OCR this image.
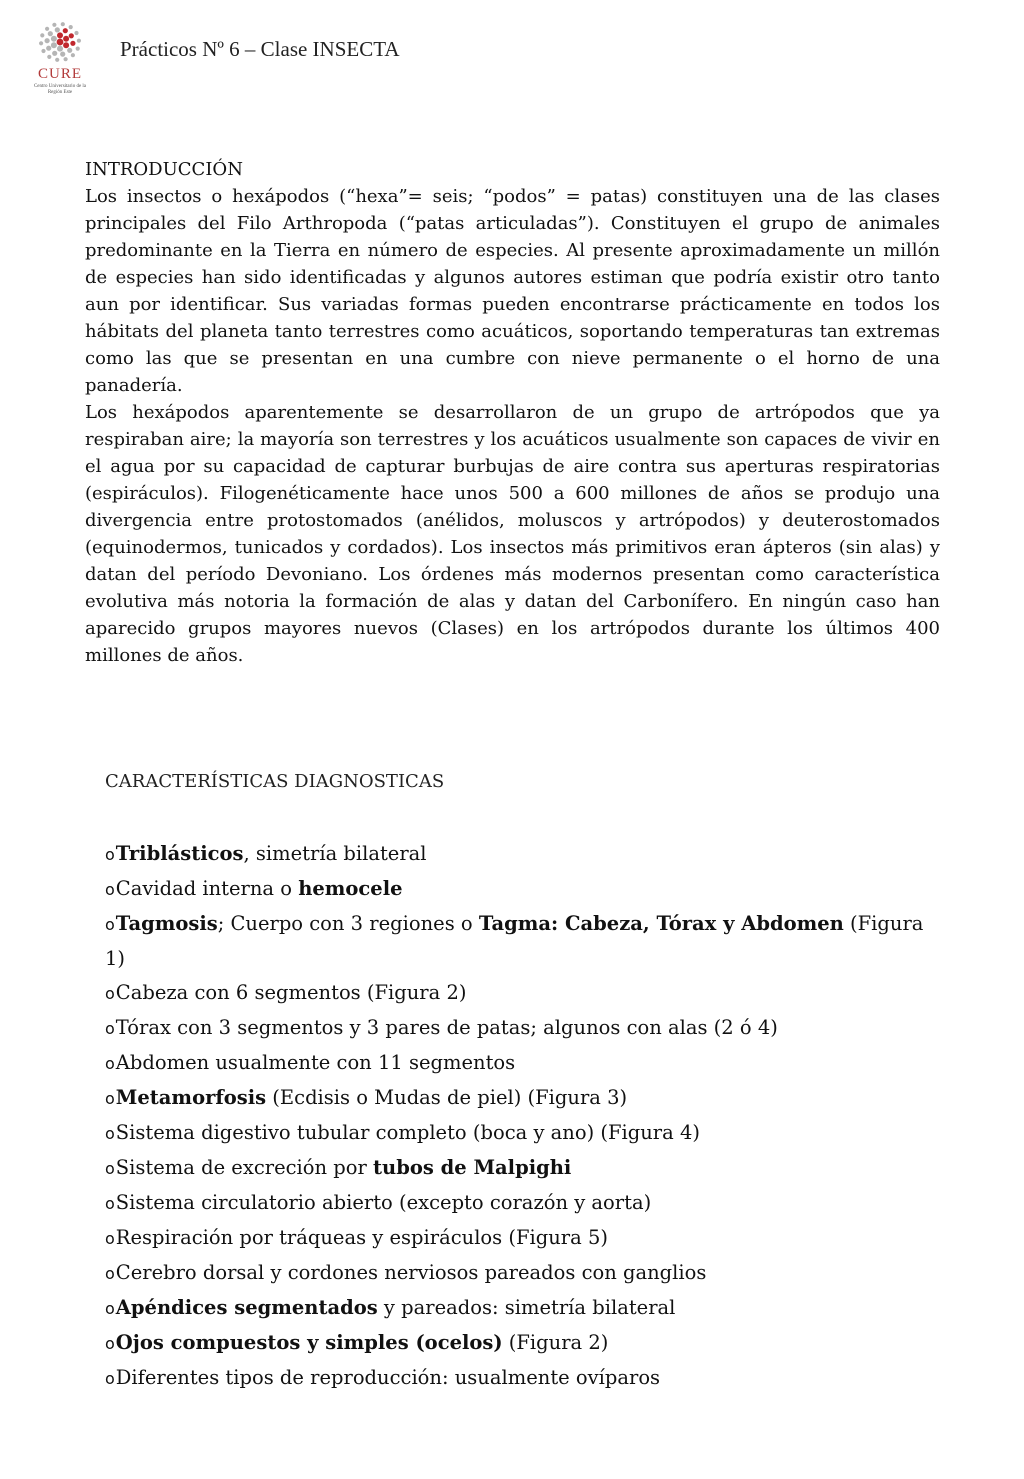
CURE
Centro Universitario de la Región Este
Prácticos Nº 6 – Clase INSECTA
INTRODUCCIÓN

Los insectos o hexápodos (“hexa”= seis; “podos” = patas) constituyen una de las clases principales del Filo Arthropoda (“patas articuladas”). Constituyen el grupo de animales predominante en la Tierra en número de especies. Al presente aproximadamente un millón de especies han sido identificadas y algunos autores estiman que podría existir otro tanto aun por identificar. Sus variadas formas pueden encontrarse prácticamente en todos los hábitats del planeta tanto terrestres como acuáticos, soportando temperaturas tan extremas como las que se presentan en una cumbre con nieve permanente o el horno de una panadería.

Los hexápodos aparentemente se desarrollaron de un grupo de artrópodos que ya respiraban aire; la mayoría son terrestres y los acuáticos usualmente son capaces de vivir en el agua por su capacidad de capturar burbujas de aire contra sus aperturas respiratorias (espiráculos). Filogenéticamente hace unos 500 a 600 millones de años se produjo una divergencia entre protostomados (anélidos, moluscos y artrópodos) y deuterostomados (equinodermos, tunicados y cordados). Los insectos más primitivos eran ápteros (sin alas) y datan del período Devoniano. Los órdenes más modernos presentan como característica evolutiva más notoria la formación de alas y datan del Carbonífero. En ningún caso han aparecido grupos mayores nuevos (Clases) en los artrópodos durante los últimos 400 millones de años.

CARACTERÍSTICAS DIAGNOSTICAS
oTriblásticos, simetría bilateral
oCavidad interna o hemocele
oTagmosis; Cuerpo con 3 regiones o Tagma: Cabeza, Tórax y Abdomen (Figura 1)
oCabeza con 6 segmentos (Figura 2)
oTórax con 3 segmentos y 3 pares de patas; algunos con alas (2 ó 4)
oAbdomen usualmente con 11 segmentos
oMetamorfosis (Ecdisis o Mudas de piel) (Figura 3)
oSistema digestivo tubular completo (boca y ano) (Figura 4)
oSistema de excreción por tubos de Malpighi
oSistema circulatorio abierto (excepto corazón y aorta)
oRespiración por tráqueas y espiráculos (Figura 5)
oCerebro dorsal y cordones nerviosos pareados con ganglios
oApéndices segmentados y pareados: simetría bilateral
oOjos compuestos y simples (ocelos) (Figura 2)
oDiferentes tipos de reproducción: usualmente ovíparos
